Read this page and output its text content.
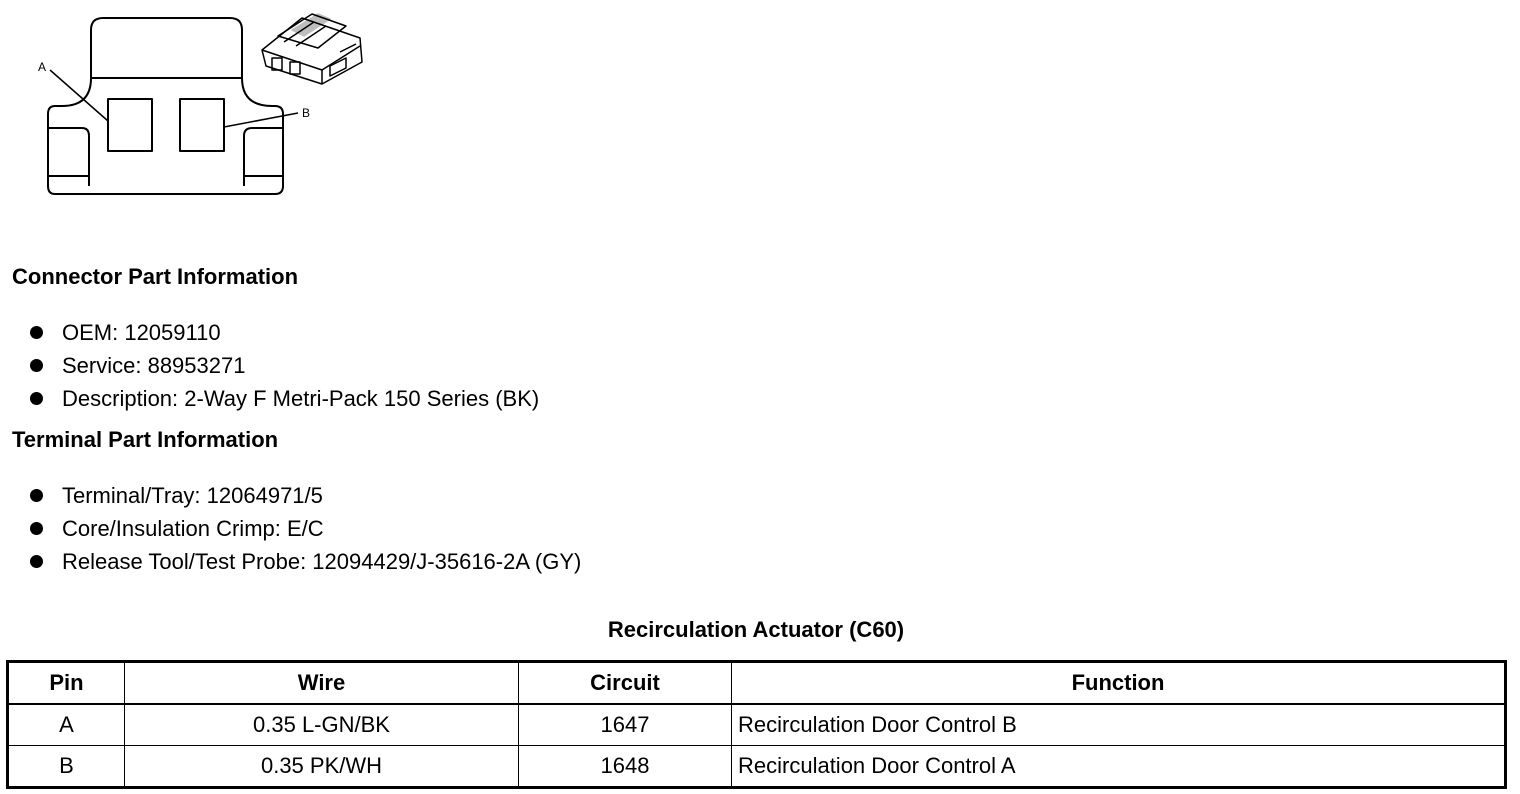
A
B
Connector Part Information
OEM: 12059110
Service: 88953271
Description: 2-Way F Metri-Pack 150 Series (BK)
Terminal Part Information
Terminal/Tray: 12064971/5
Core/Insulation Crimp: E/C
Release Tool/Test Probe: 12094429/J-35616-2A (GY)
Recirculation Actuator (C60)
Pin	Wire	Circuit	Function
A	0.35 L-GN/BK	1647	Recirculation Door Control B
B	0.35 PK/WH	1648	Recirculation Door Control A
